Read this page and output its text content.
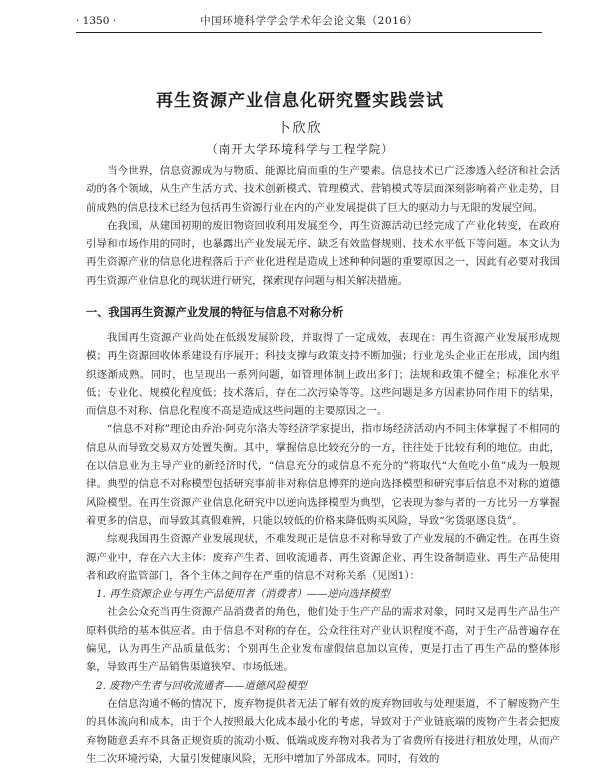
· 1350 ·	中国环境科学学会学术年会论文集（2016）
再生资源产业信息化研究暨实践尝试
卜欣欣
（南开大学环境科学与工程学院）

当今世界，信息资源成为与物质、能源比肩而重的生产要素。信息技术已广泛渗透入经济和社会活动的各个领域，从生产生活方式、技术创新模式、管理模式、营销模式等层面深刻影响着产业走势，目前成熟的信息技术已经为包括再生资源行业在内的产业发展提供了巨大的驱动力与无限的发展空间。

在我国，从建国初期的废旧物资回收利用发展至今，再生资源活动已经完成了产业化转变，在政府引导和市场作用的同时，也暴露出产业发展无序、缺乏有效监督规则、技术水平低下等问题。本文认为再生资源产业的信息化进程落后于产业化进程是造成上述种种问题的重要原因之一，因此有必要对我国再生资源产业信息化的现状进行研究，探索现存问题与相关解决措施。

一、我国再生资源产业发展的特征与信息不对称分析

我国再生资源产业尚处在低级发展阶段，并取得了一定成效，表现在：再生资源产业发展形成规模；再生资源回收体系建设有序展开；科技支撑与政策支持不断加强；行业龙头企业正在形成，国内组织逐渐成熟。同时，也呈现出一系列问题，如管理体制上政出多门；法规和政策不健全；标准化水平低；专业化、规模化程度低；技术落后，存在二次污染等等。这些问题是多方因素协同作用下的结果，而信息不对称、信息化程度不高是造成这些问题的主要原因之一。

“信息不对称”理论由乔治·阿克尔洛夫等经济学家提出，指市场经济活动内不同主体掌握了不相同的信息从而导致交易双方处置失衡。其中，掌握信息比较充分的一方，往往处于比较有利的地位。由此，在以信息业为主导产业的新经济时代，“信息充分的或信息不充分的”将取代“大鱼吃小鱼”成为一般规律。典型的信息不对称模型包括研究事前非对称信息博弈的逆向选择模型和研究事后信息不对称的道德风险模型。在再生资源产业信息化研究中以逆向选择模型为典型，它表现为参与者的一方比另一方掌握着更多的信息，而导致其真假难辨，只能以较低的价格来降低购买风险，导致“劣货驱逐良货”。

综观我国再生资源产业发展现状，不难发现正是信息不对称导致了产业发展的不确定性。在再生资源产业中，存在六大主体：废弃产生者、回收流通者、再生资源企业、再生设备制造业、再生产品使用者和政府监管部门，各个主体之间存在严重的信息不对称关系（见图1）：

1. 再生资源企业与再生产品使用者（消费者）——逆向选择模型

社会公众充当再生资源产品消费者的角色，他们处于生产产品的需求对象，同时又是再生产品生产原料供给的基本供应者。由于信息不对称的存在，公众往往对产业认识程度不高，对于生产品普遍存在偏见，认为再生产品质量低劣；个别再生企业发布虚假信息加以宣传，更是打击了再生产品的整体形象，导致再生产品销售渠道狭窄、市场低迷。

2. 废物产生者与回收流通者——道德风险模型

在信息沟通不畅的情况下，废弃物提供者无法了解有效的废弃物回收与处理渠道，不了解废物产生的具体流向和成本，由于个人按照最大化成本最小化的考虑，导致对于产业链底端的废物产生者会把废弃物随意丢弃不具备正规资质的流动小贩、低端或废弃物对我者为了省费所有接进行粗放处理，从而产生二次环境污染，大量引发健康风险，无形中增加了外部成本。同时，有效的
